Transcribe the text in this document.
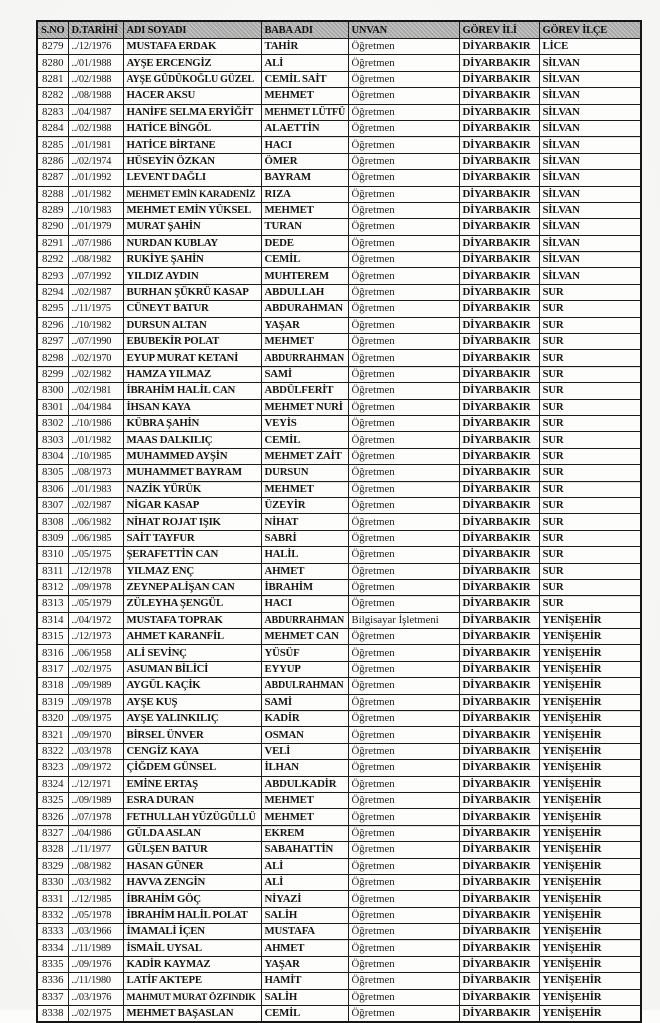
S.NO	D.TARİHİ	ADI SOYADI	BABA ADI	UNVAN	GÖREV İLİ	GÖREV İLÇE
8279	../12/1976	MUSTAFA ERDAK	TAHİR	Öğretmen	DİYARBAKIR	LİCE
8280	../01/1988	AYŞE ERCENGİZ	ALİ	Öğretmen	DİYARBAKIR	SİLVAN
8281	../02/1988	AYŞE GÜDÜKOĞLU GÜZEL	CEMİL SAİT	Öğretmen	DİYARBAKIR	SİLVAN
8282	../08/1988	HACER AKSU	MEHMET	Öğretmen	DİYARBAKIR	SİLVAN
8283	../04/1987	HANİFE SELMA ERYİĞİT	MEHMET LÜTFÜ	Öğretmen	DİYARBAKIR	SİLVAN
8284	../02/1988	HATİCE BİNGÖL	ALAETTİN	Öğretmen	DİYARBAKIR	SİLVAN
8285	../01/1981	HATİCE BİRTANE	HACI	Öğretmen	DİYARBAKIR	SİLVAN
8286	../02/1974	HÜSEYİN ÖZKAN	ÖMER	Öğretmen	DİYARBAKIR	SİLVAN
8287	../01/1992	LEVENT DAĞLI	BAYRAM	Öğretmen	DİYARBAKIR	SİLVAN
8288	../01/1982	MEHMET EMİN KARADENİZ	RIZA	Öğretmen	DİYARBAKIR	SİLVAN
8289	../10/1983	MEHMET EMİN YÜKSEL	MEHMET	Öğretmen	DİYARBAKIR	SİLVAN
8290	../01/1979	MURAT ŞAHİN	TURAN	Öğretmen	DİYARBAKIR	SİLVAN
8291	../07/1986	NURDAN KUBLAY	DEDE	Öğretmen	DİYARBAKIR	SİLVAN
8292	../08/1982	RUKİYE ŞAHİN	CEMİL	Öğretmen	DİYARBAKIR	SİLVAN
8293	../07/1992	YILDIZ AYDIN	MUHTEREM	Öğretmen	DİYARBAKIR	SİLVAN
8294	../02/1987	BURHAN ŞÜKRÜ KASAP	ABDULLAH	Öğretmen	DİYARBAKIR	SUR
8295	../11/1975	CÜNEYT BATUR	ABDURAHMAN	Öğretmen	DİYARBAKIR	SUR
8296	../10/1982	DURSUN ALTAN	YAŞAR	Öğretmen	DİYARBAKIR	SUR
8297	../07/1990	EBUBEKİR POLAT	MEHMET	Öğretmen	DİYARBAKIR	SUR
8298	../02/1970	EYUP MURAT KETANİ	ABDURRAHMAN	Öğretmen	DİYARBAKIR	SUR
8299	../02/1982	HAMZA YILMAZ	SAMİ	Öğretmen	DİYARBAKIR	SUR
8300	../02/1981	İBRAHİM HALİL CAN	ABDÜLFERİT	Öğretmen	DİYARBAKIR	SUR
8301	../04/1984	İHSAN KAYA	MEHMET NURİ	Öğretmen	DİYARBAKIR	SUR
8302	../10/1986	KÜBRA ŞAHİN	VEYİS	Öğretmen	DİYARBAKIR	SUR
8303	../01/1982	MAAS DALKILIÇ	CEMİL	Öğretmen	DİYARBAKIR	SUR
8304	../10/1985	MUHAMMED AYŞİN	MEHMET ZAİT	Öğretmen	DİYARBAKIR	SUR
8305	../08/1973	MUHAMMET BAYRAM	DURSUN	Öğretmen	DİYARBAKIR	SUR
8306	../01/1983	NAZİK YÜRÜK	MEHMET	Öğretmen	DİYARBAKIR	SUR
8307	../02/1987	NİGAR KASAP	ÜZEYİR	Öğretmen	DİYARBAKIR	SUR
8308	../06/1982	NİHAT ROJAT IŞIK	NİHAT	Öğretmen	DİYARBAKIR	SUR
8309	../06/1985	SAİT TAYFUR	SABRİ	Öğretmen	DİYARBAKIR	SUR
8310	../05/1975	ŞERAFETTİN CAN	HALİL	Öğretmen	DİYARBAKIR	SUR
8311	../12/1978	YILMAZ ENÇ	AHMET	Öğretmen	DİYARBAKIR	SUR
8312	../09/1978	ZEYNEP ALİŞAN CAN	İBRAHİM	Öğretmen	DİYARBAKIR	SUR
8313	../05/1979	ZÜLEYHA ŞENGÜL	HACI	Öğretmen	DİYARBAKIR	SUR
8314	../04/1972	MUSTAFA TOPRAK	ABDURRAHMAN	Bilgisayar İşletmeni	DİYARBAKIR	YENİŞEHİR
8315	../12/1973	AHMET KARANFİL	MEHMET CAN	Öğretmen	DİYARBAKIR	YENİŞEHİR
8316	../06/1958	ALİ SEVİNÇ	YÜSÜF	Öğretmen	DİYARBAKIR	YENİŞEHİR
8317	../02/1975	ASUMAN BİLİCİ	EYYUP	Öğretmen	DİYARBAKIR	YENİŞEHİR
8318	../09/1989	AYGÜL KAÇİK	ABDULRAHMAN	Öğretmen	DİYARBAKIR	YENİŞEHİR
8319	../09/1978	AYŞE KUŞ	SAMİ	Öğretmen	DİYARBAKIR	YENİŞEHİR
8320	../09/1975	AYŞE YALINKILIÇ	KADİR	Öğretmen	DİYARBAKIR	YENİŞEHİR
8321	../09/1970	BİRSEL ÜNVER	OSMAN	Öğretmen	DİYARBAKIR	YENİŞEHİR
8322	../03/1978	CENGİZ KAYA	VELİ	Öğretmen	DİYARBAKIR	YENİŞEHİR
8323	../09/1972	ÇİĞDEM GÜNSEL	İLHAN	Öğretmen	DİYARBAKIR	YENİŞEHİR
8324	../12/1971	EMİNE ERTAŞ	ABDULKADİR	Öğretmen	DİYARBAKIR	YENİŞEHİR
8325	../09/1989	ESRA DURAN	MEHMET	Öğretmen	DİYARBAKIR	YENİŞEHİR
8326	../07/1978	FETHULLAH YÜZÜGÜLLÜ	MEHMET	Öğretmen	DİYARBAKIR	YENİŞEHİR
8327	../04/1986	GÜLDA ASLAN	EKREM	Öğretmen	DİYARBAKIR	YENİŞEHİR
8328	../11/1977	GÜLŞEN BATUR	SABAHATTİN	Öğretmen	DİYARBAKIR	YENİŞEHİR
8329	../08/1982	HASAN GÜNER	ALİ	Öğretmen	DİYARBAKIR	YENİŞEHİR
8330	../03/1982	HAVVA ZENGİN	ALİ	Öğretmen	DİYARBAKIR	YENİŞEHİR
8331	../12/1985	İBRAHİM GÖÇ	NİYAZİ	Öğretmen	DİYARBAKIR	YENİŞEHİR
8332	../05/1978	İBRAHİM HALİL POLAT	SALİH	Öğretmen	DİYARBAKIR	YENİŞEHİR
8333	../03/1966	İMAMALİ İÇEN	MUSTAFA	Öğretmen	DİYARBAKIR	YENİŞEHİR
8334	../11/1989	İSMAİL UYSAL	AHMET	Öğretmen	DİYARBAKIR	YENİŞEHİR
8335	../09/1976	KADİR KAYMAZ	YAŞAR	Öğretmen	DİYARBAKIR	YENİŞEHİR
8336	../11/1980	LATİF AKTEPE	HAMİT	Öğretmen	DİYARBAKIR	YENİŞEHİR
8337	../03/1976	MAHMUT MURAT ÖZFINDIK	SALİH	Öğretmen	DİYARBAKIR	YENİŞEHİR
8338	../02/1975	MEHMET BAŞASLAN	CEMİL	Öğretmen	DİYARBAKIR	YENİŞEHİR
